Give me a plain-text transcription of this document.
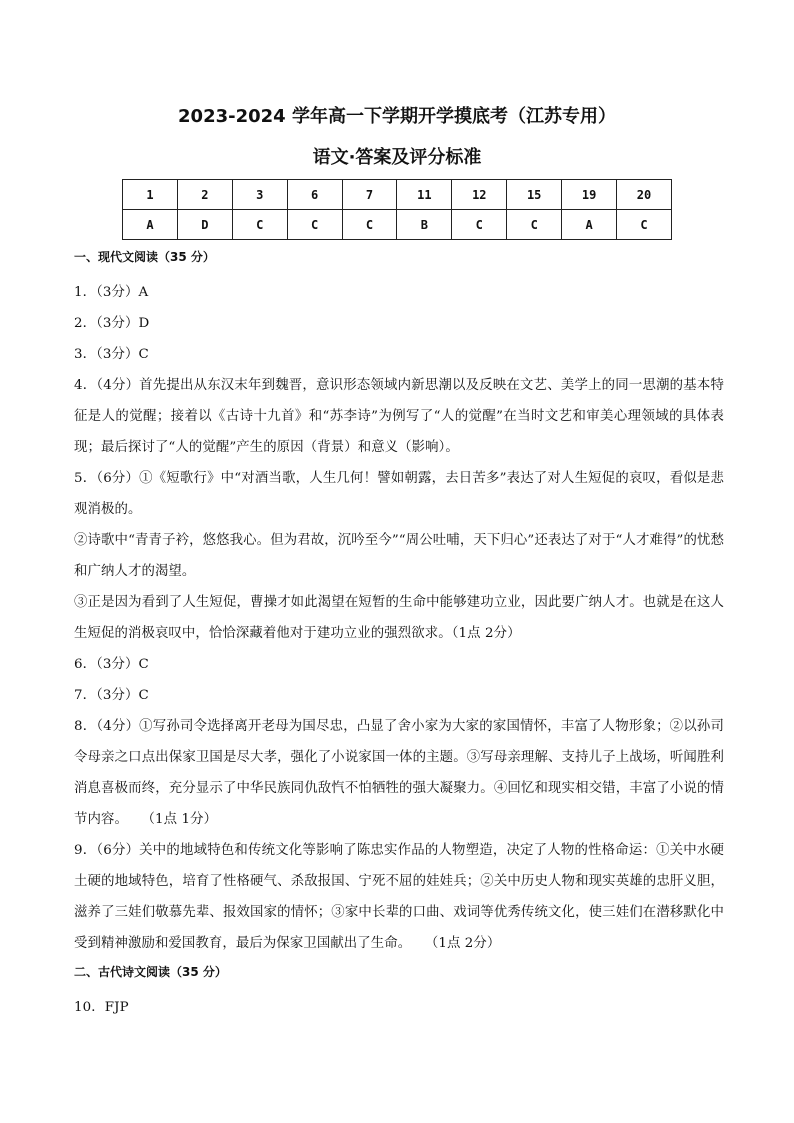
2023-2024 学年高一下学期开学摸底考（江苏专用）
语文·答案及评分标准
1	2	3	6	7	11	12	15	19	20
A	D	C	C	C	B	C	C	A	C
一、现代文阅读（35 分）

1．（3分）A

2．（3分）D

3．（3分）C

4．（4分）首先提出从东汉末年到魏晋，意识形态领域内新思潮以及反映在文艺、美学上的同一思潮的基本特征是人的觉醒；接着以《古诗十九首》和“苏李诗”为例写了“人的觉醒”在当时文艺和审美心理领域的具体表现；最后探讨了“人的觉醒”产生的原因（背景）和意义（影响）。

5．（6分）①《短歌行》中“对酒当歌，人生几何！譬如朝露，去日苦多”表达了对人生短促的哀叹，看似是悲观消极的。

②诗歌中“青青子衿，悠悠我心。但为君故，沉吟至今”“周公吐哺，天下归心”还表达了对于“人才难得”的忧愁和广纳人才的渴望。

③正是因为看到了人生短促，曹操才如此渴望在短暂的生命中能够建功立业，因此要广纳人才。也就是在这人生短促的消极哀叹中，恰恰深藏着他对于建功立业的强烈欲求。（1点 2分）

6．（3分）C

7．（3分）C

8．（4分）①写孙司令选择离开老母为国尽忠，凸显了舍小家为大家的家国情怀，丰富了人物形象；②以孙司令母亲之口点出保家卫国是尽大孝，强化了小说家国一体的主题。③写母亲理解、支持儿子上战场，听闻胜利消息喜极而终，充分显示了中华民族同仇敌忾不怕牺牲的强大凝聚力。④回忆和现实相交错，丰富了小说的情节内容。　　（1点 1分）

9．（6分）关中的地域特色和传统文化等影响了陈忠实作品的人物塑造，决定了人物的性格命运：①关中水硬土硬的地域特色，培育了性格硬气、杀敌报国、宁死不屈的娃娃兵；②关中历史人物和现实英雄的忠肝义胆，滋养了三娃们敬慕先辈、报效国家的情怀；③家中长辈的口曲、戏词等优秀传统文化，使三娃们在潜移默化中受到精神激励和爱国教育，最后为保家卫国献出了生命。　　（1点 2分）

二、古代诗文阅读（35 分）

10．FJP
